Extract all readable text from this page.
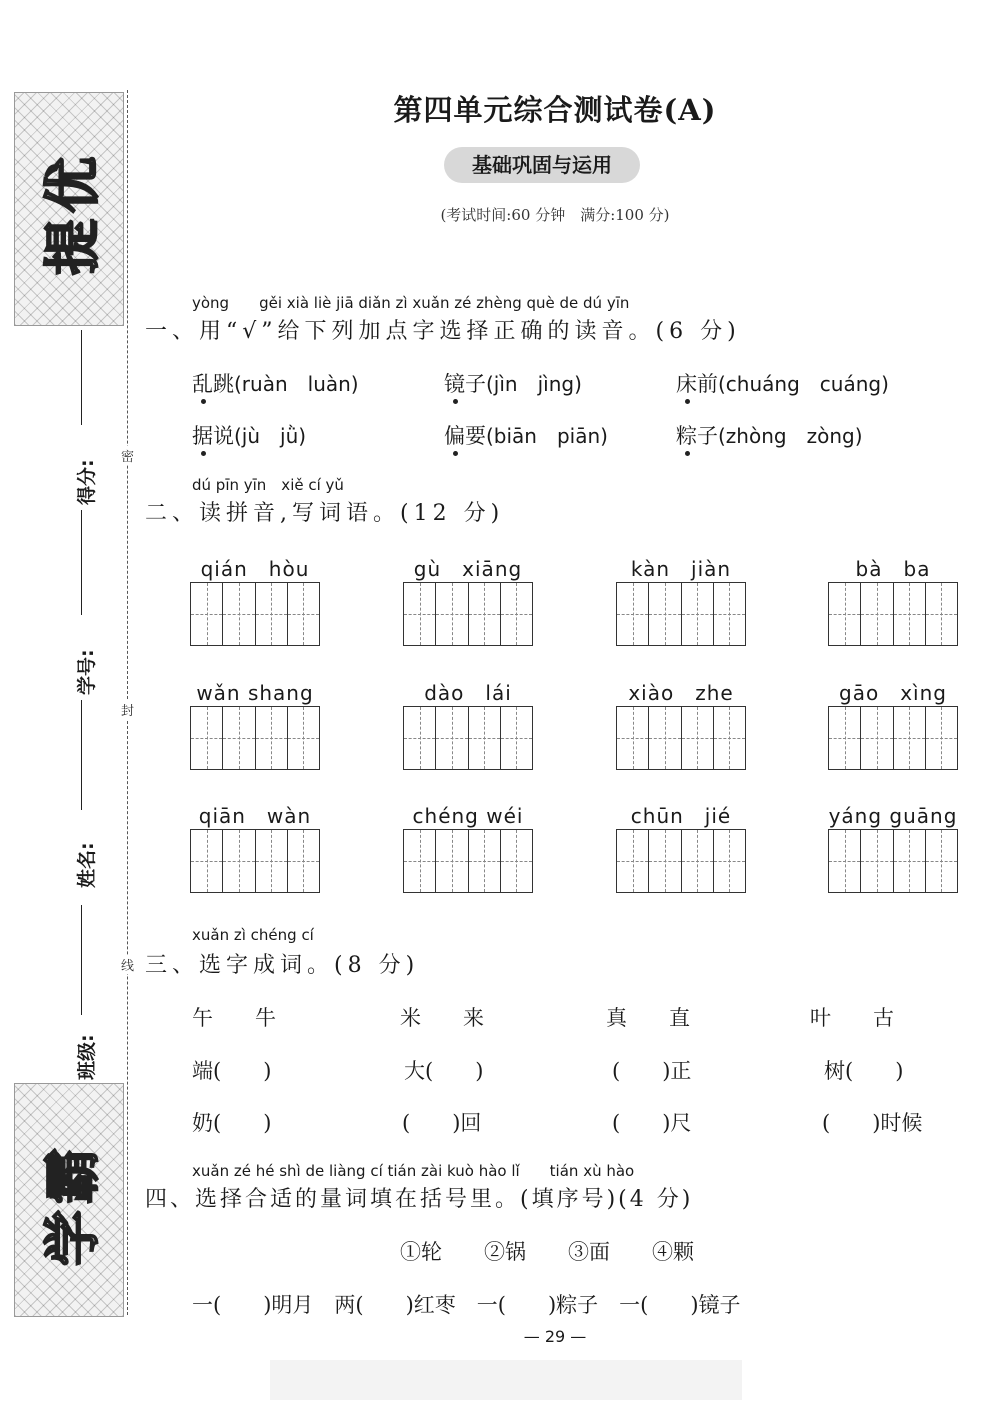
提优
学霸
密
封
线
得分:
学号:
姓名:
班级:
第四单元综合测试卷(A)
基础巩固与运用
(考试时间:60 分钟　满分:100 分)
yòng　　gěi xià liè jiā diǎn zì xuǎn zé zhèng què de dú yīn
一、用“√”给下列加点字选择正确的读音。(6 分)
乱跳(ruàn　luàn)	镜子(jìn　jìng)	床前(chuáng　cuáng)
据说(jù　jǜ)	偏要(biān　piān)	粽子(zhòng　zòng)
dú pīn yīn　xiě cí yǔ
二、读拼音,写词语。(12 分)
qián　hòu	gù　xiāng	kàn　jiàn	bà　ba
wǎn shang	dào　lái	xiào　zhe	gāo　xìng
qiān　wàn	chéng wéi	chūn　jié	yáng guāng
xuǎn zì chéng cí
三、选字成词。(8 分)
午　　牛	米　　来	真　　直	叶　　古
端(　　)	大(　　)	(　　)正	树(　　)
奶(　　)	(　　)回	(　　)尺	(　　)时候
xuǎn zé hé shì de liàng cí tián zài kuò hào lǐ　　tián xù hào
四、选择合适的量词填在括号里。(填序号)(4 分)
①轮　　②锅　　③面　　④颗
一(　　)明月　两(　　)红枣　一(　　)粽子　一(　　)镜子
— 29 —
